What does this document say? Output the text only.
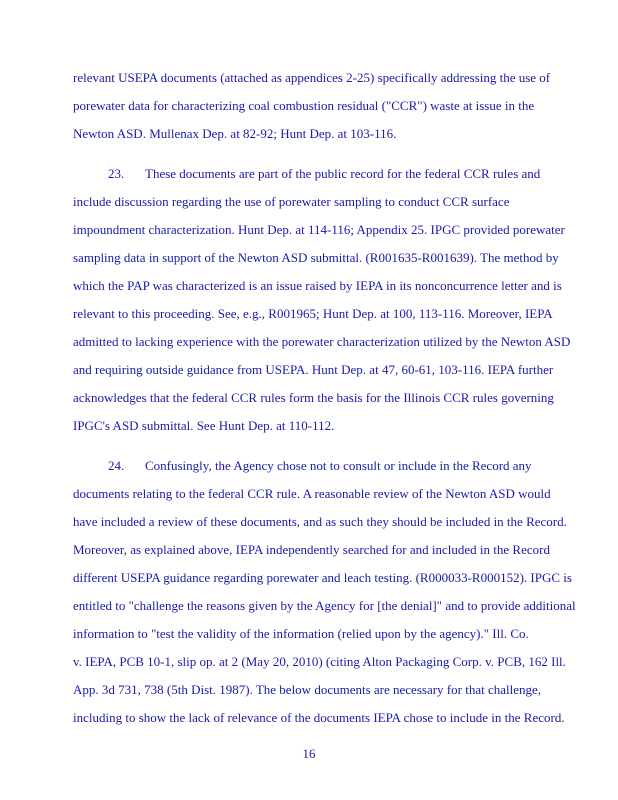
relevant USEPA documents (attached as appendices 2-25) specifically addressing the use of
porewater data for characterizing coal combustion residual ("CCR") waste at issue in the
Newton ASD. Mullenax Dep. at 82-92; Hunt Dep. at 103-116.
23. These documents are part of the public record for the federal CCR rules and
include discussion regarding the use of porewater sampling to conduct CCR surface
impoundment characterization. Hunt Dep. at 114-116; Appendix 25. IPGC provided porewater
sampling data in support of the Newton ASD submittal. (R001635-R001639). The method by
which the PAP was characterized is an issue raised by IEPA in its nonconcurrence letter and is
relevant to this proceeding. See, e.g., R001965; Hunt Dep. at 100, 113-116. Moreover, IEPA
admitted to lacking experience with the porewater characterization utilized by the Newton ASD
and requiring outside guidance from USEPA. Hunt Dep. at 47, 60-61, 103-116. IEPA further
acknowledges that the federal CCR rules form the basis for the Illinois CCR rules governing
IPGC's ASD submittal. See Hunt Dep. at 110-112.
24. Confusingly, the Agency chose not to consult or include in the Record any
documents relating to the federal CCR rule. A reasonable review of the Newton ASD would
have included a review of these documents, and as such they should be included in the Record.
Moreover, as explained above, IEPA independently searched for and included in the Record
different USEPA guidance regarding porewater and leach testing. (R000033-R000152). IPGC is
entitled to "challenge the reasons given by the Agency for [the denial]" and to provide additional
information to "test the validity of the information (relied upon by the agency)." Ill. Co.
v. IEPA, PCB 10-1, slip op. at 2 (May 20, 2010) (citing Alton Packaging Corp. v. PCB, 162 Ill.
App. 3d 731, 738 (5th Dist. 1987). The below documents are necessary for that challenge,
including to show the lack of relevance of the documents IEPA chose to include in the Record.
16
